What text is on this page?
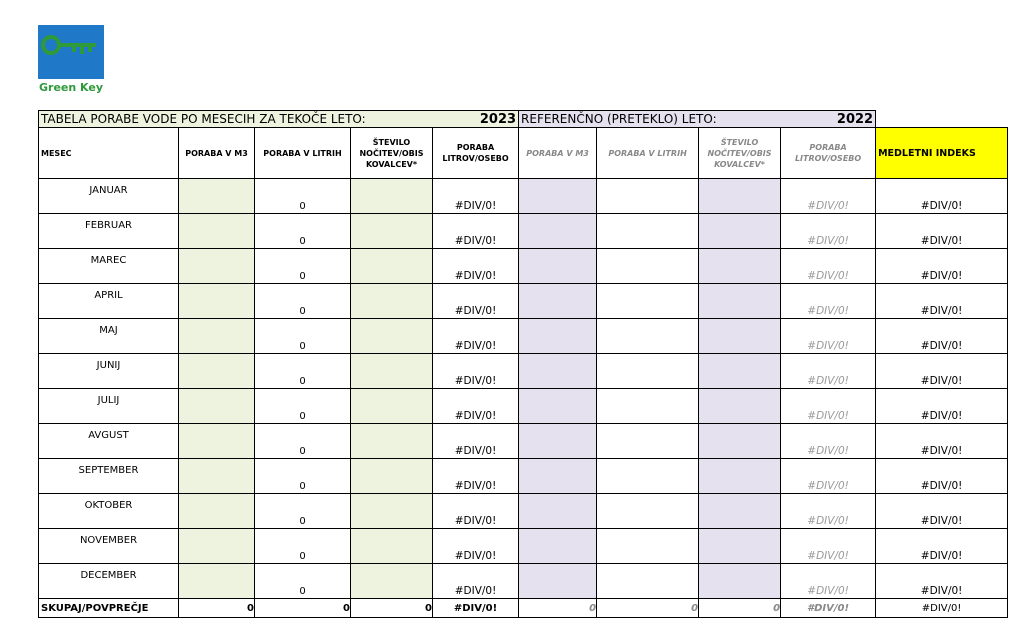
Green Key
2023
TABELA PORABE VODE PO MESECIH ZA TEKOČE LETO:					2022
REFERENČNO (PRETEKLO) LETO:				
MESEC	PORABA V M3	PORABA V LITRIH	ŠTEVILO NOČITEV/OBIS KOVALCEV*	PORABA LITROV/OSEBO	PORABA V M3	PORABA V LITRIH	ŠTEVILO NOČITEV/OBIS KOVALCEV*	PORABA LITROV/OSEBO	MEDLETNI INDEKS
JANUAR		0		#DIV/0!				#DIV/0!	#DIV/0!
FEBRUAR		0		#DIV/0!				#DIV/0!	#DIV/0!
MAREC		0		#DIV/0!				#DIV/0!	#DIV/0!
APRIL		0		#DIV/0!				#DIV/0!	#DIV/0!
MAJ		0		#DIV/0!				#DIV/0!	#DIV/0!
JUNIJ		0		#DIV/0!				#DIV/0!	#DIV/0!
JULIJ		0		#DIV/0!				#DIV/0!	#DIV/0!
AVGUST		0		#DIV/0!				#DIV/0!	#DIV/0!
SEPTEMBER		0		#DIV/0!				#DIV/0!	#DIV/0!
OKTOBER		0		#DIV/0!				#DIV/0!	#DIV/0!
NOVEMBER		0		#DIV/0!				#DIV/0!	#DIV/0!
DECEMBER		0		#DIV/0!				#DIV/0!	#DIV/0!
SKUPAJ/POVPREČJE	0	0	0	#DIV/0!	0	0	0	#DIV/0!	#DIV/0!
